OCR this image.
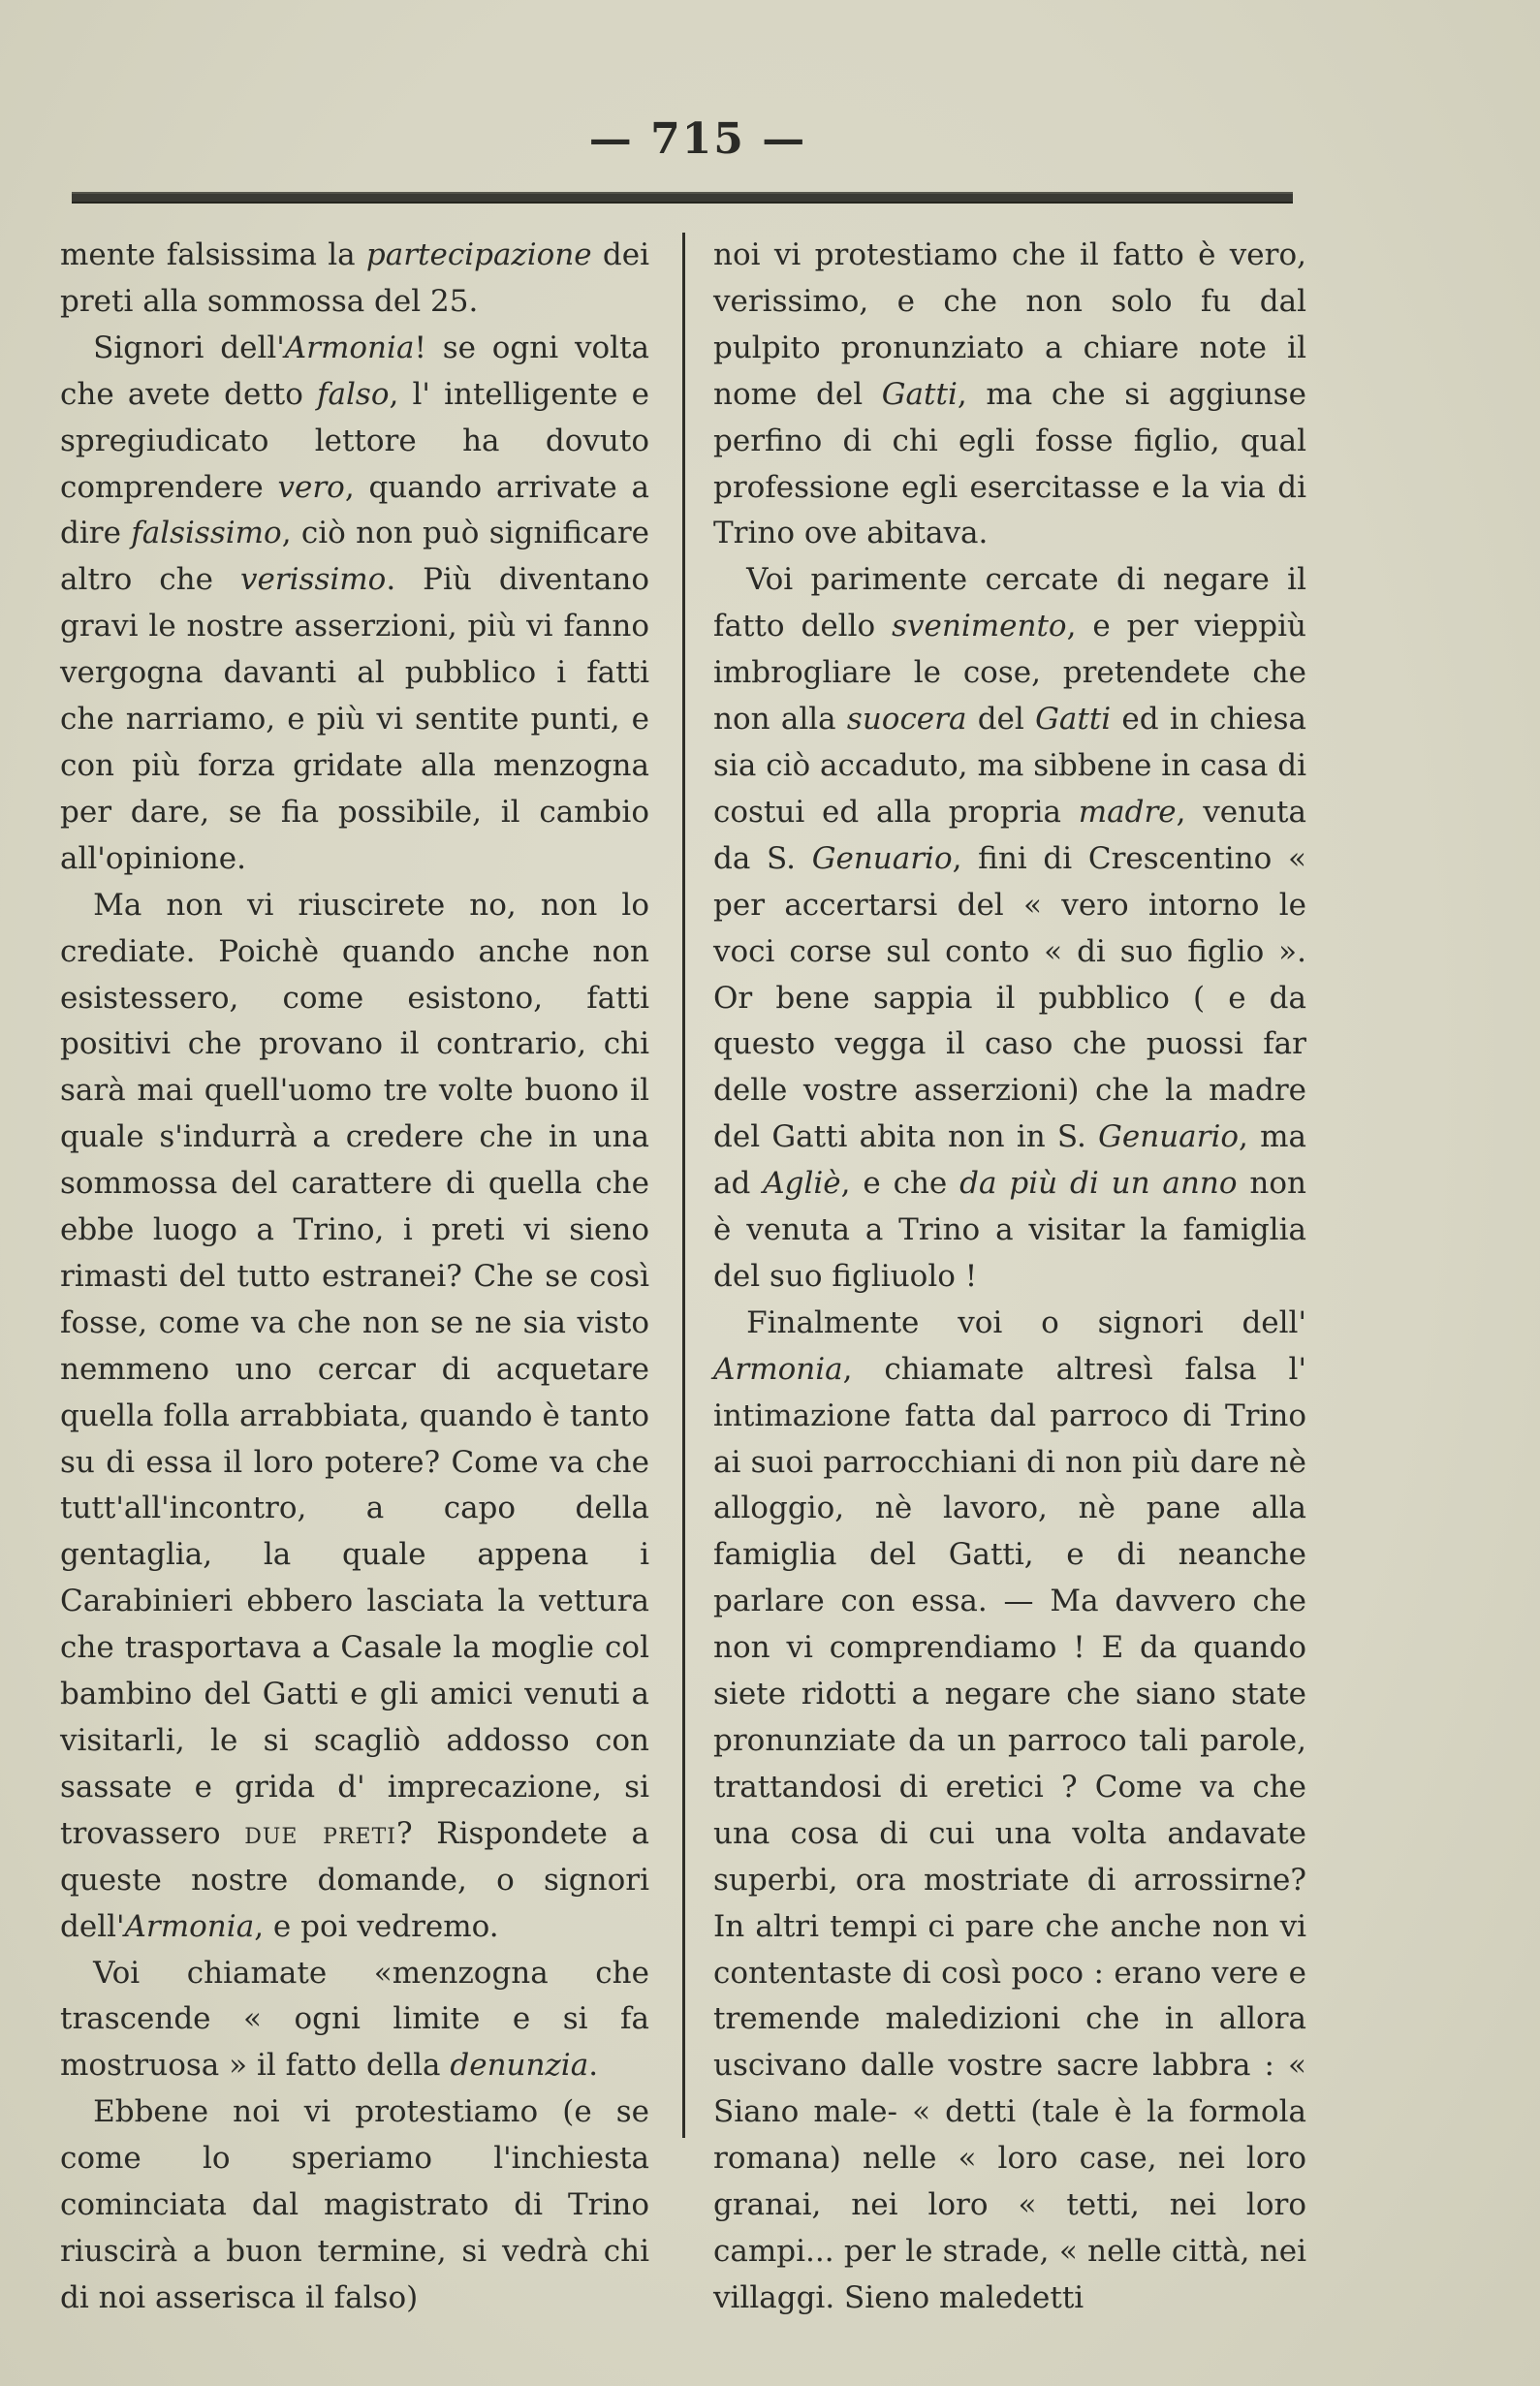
— 715 —

mente falsissima la partecipazione dei preti alla sommossa del 25.

Signori dell'Armonia! se ogni volta che avete detto falso, l' intelligente e spregiudicato lettore ha dovuto comprendere vero, quando arrivate a dire falsissimo, ciò non può significare altro che verissimo. Più diventano gravi le nostre asserzioni, più vi fanno vergogna davanti al pubblico i fatti che narriamo, e più vi sentite punti, e con più forza gridate alla menzogna per dare, se fia possibile, il cambio all'opinione.

Ma non vi riuscirete no, non lo crediate. Poichè quando anche non esistessero, come esistono, fatti positivi che provano il contrario, chi sarà mai quell'uomo tre volte buono il quale s'indurrà a credere che in una sommossa del carattere di quella che ebbe luogo a Trino, i preti vi sieno rimasti del tutto estranei? Che se così fosse, come va che non se ne sia visto nemmeno uno cercar di acquetare quella folla arrabbiata, quando è tanto su di essa il loro potere? Come va che tutt'all'incontro, a capo della gentaglia, la quale appena i Carabinieri ebbero lasciata la vettura che trasportava a Casale la moglie col bambino del Gatti e gli amici venuti a visitarli, le si scagliò addosso con sassate e grida d' imprecazione, si trovassero due preti? Rispondete a queste nostre domande, o signori dell'Armonia, e poi vedremo.

Voi chiamate «menzogna che trascende « ogni limite e si fa mostruosa » il fatto della denunzia.

Ebbene noi vi protestiamo (e se come lo speriamo l'inchiesta cominciata dal magistrato di Trino riuscirà a buon termine, si vedrà chi di noi asserisca il falso)

noi vi protestiamo che il fatto è vero, verissimo, e che non solo fu dal pulpito pronunziato a chiare note il nome del Gatti, ma che si aggiunse perfino di chi egli fosse figlio, qual professione egli esercitasse e la via di Trino ove abitava.

Voi parimente cercate di negare il fatto dello svenimento, e per vieppiù imbrogliare le cose, pretendete che non alla suocera del Gatti ed in chiesa sia ciò accaduto, ma sibbene in casa di costui ed alla propria madre, venuta da S. Genuario, fini di Crescentino « per accertarsi del « vero intorno le voci corse sul conto « di suo figlio ». Or bene sappia il pubblico ( e da questo vegga il caso che puossi far delle vostre asserzioni) che la madre del Gatti abita non in S. Genuario, ma ad Agliè, e che da più di un anno non è venuta a Trino a visitar la famiglia del suo figliuolo !

Finalmente voi o signori dell' Armonia, chiamate altresì falsa l' intimazione fatta dal parroco di Trino ai suoi parrocchiani di non più dare nè alloggio, nè lavoro, nè pane alla famiglia del Gatti, e di neanche parlare con essa. — Ma davvero che non vi comprendiamo ! E da quando siete ridotti a negare che siano state pronunziate da un parroco tali parole, trattandosi di eretici ? Come va che una cosa di cui una volta andavate superbi, ora mostriate di arrossirne? In altri tempi ci pare che anche non vi contentaste di così poco : erano vere e tremende maledizioni che in allora uscivano dalle vostre sacre labbra : « Siano male- « detti (tale è la formola romana) nelle « loro case, nei loro granai, nei loro « tetti, nei loro campi... per le strade, « nelle città, nei villaggi. Sieno maledetti
